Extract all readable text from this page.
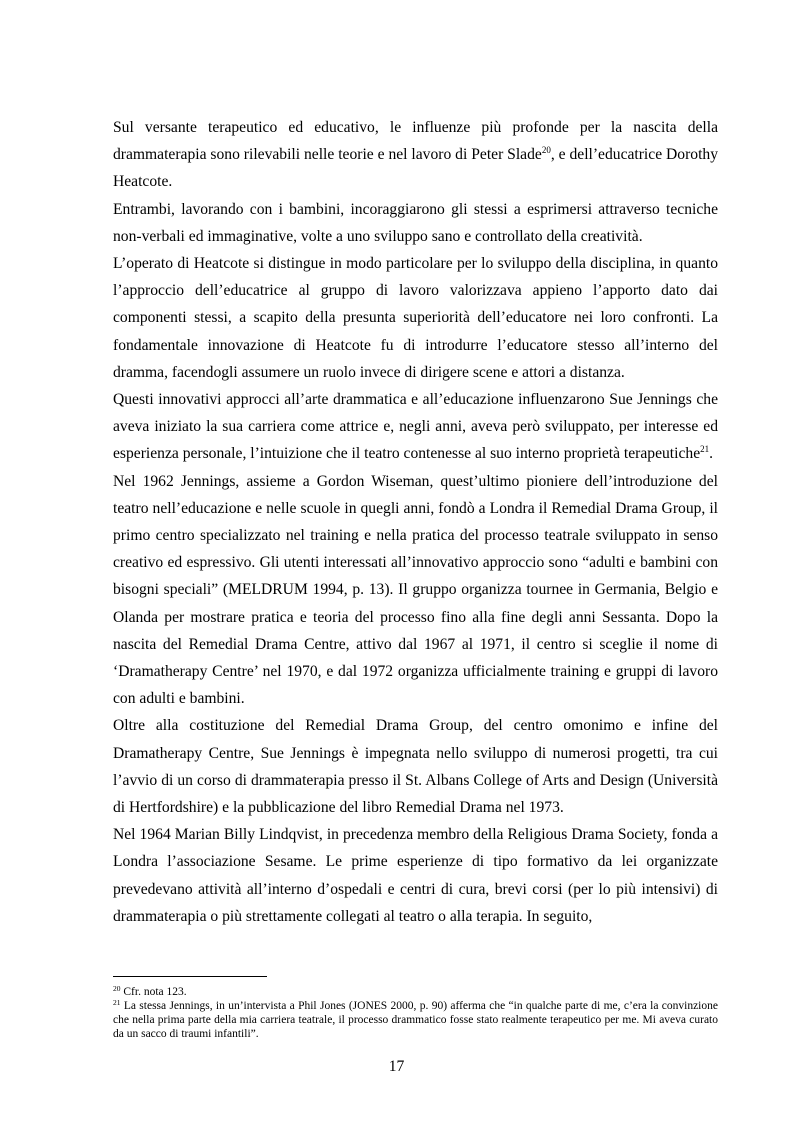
Sul versante terapeutico ed educativo, le influenze più profonde per la nascita della drammaterapia sono rilevabili nelle teorie e nel lavoro di Peter Slade$^{20}$, e dell’educatrice Dorothy Heatcote.

Entrambi, lavorando con i bambini, incoraggiarono gli stessi a esprimersi attraverso tecniche non-verbali ed immaginative, volte a uno sviluppo sano e controllato della creatività.

L’operato di Heatcote si distingue in modo particolare per lo sviluppo della disciplina, in quanto l’approccio dell’educatrice al gruppo di lavoro valorizzava appieno l’apporto dato dai componenti stessi, a scapito della presunta superiorità dell’educatore nei loro confronti. La fondamentale innovazione di Heatcote fu di introdurre l’educatore stesso all’interno del dramma, facendogli assumere un ruolo invece di dirigere scene e attori a distanza.

Questi innovativi approcci all’arte drammatica e all’educazione influenzarono Sue Jennings che aveva iniziato la sua carriera come attrice e, negli anni, aveva però sviluppato, per interesse ed esperienza personale, l’intuizione che il teatro contenesse al suo interno proprietà terapeutiche$^{21}$.

Nel 1962 Jennings, assieme a Gordon Wiseman, quest’ultimo pioniere dell’introduzione del teatro nell’educazione e nelle scuole in quegli anni, fondò a Londra il Remedial Drama Group, il primo centro specializzato nel training e nella pratica del processo teatrale sviluppato in senso creativo ed espressivo. Gli utenti interessati all’innovativo approccio sono “adulti e bambini con bisogni speciali” (MELDRUM 1994, p. 13). Il gruppo organizza tournee in Germania, Belgio e Olanda per mostrare pratica e teoria del processo fino alla fine degli anni Sessanta. Dopo la nascita del Remedial Drama Centre, attivo dal 1967 al 1971, il centro si sceglie il nome di ‘Dramatherapy Centre’ nel 1970, e dal 1972 organizza ufficialmente training e gruppi di lavoro con adulti e bambini.

Oltre alla costituzione del Remedial Drama Group, del centro omonimo e infine del Dramatherapy Centre, Sue Jennings è impegnata nello sviluppo di numerosi progetti, tra cui l’avvio di un corso di drammaterapia presso il St. Albans College of Arts and Design (Università di Hertfordshire) e la pubblicazione del libro Remedial Drama nel 1973.

Nel 1964 Marian Billy Lindqvist, in precedenza membro della Religious Drama Society, fonda a Londra l’associazione Sesame. Le prime esperienze di tipo formativo da lei organizzate prevedevano attività all’interno d’ospedali e centri di cura, brevi corsi (per lo più intensivi) di drammaterapia o più strettamente collegati al teatro o alla terapia. In seguito,

$^{20}$ Cfr. nota 123.

$^{21}$ La stessa Jennings, in un’intervista a Phil Jones (JONES 2000, p. 90) afferma che “in qualche parte di me, c’era la convinzione che nella prima parte della mia carriera teatrale, il processo drammatico fosse stato realmente terapeutico per me. Mi aveva curato da un sacco di traumi infantili”.

17
